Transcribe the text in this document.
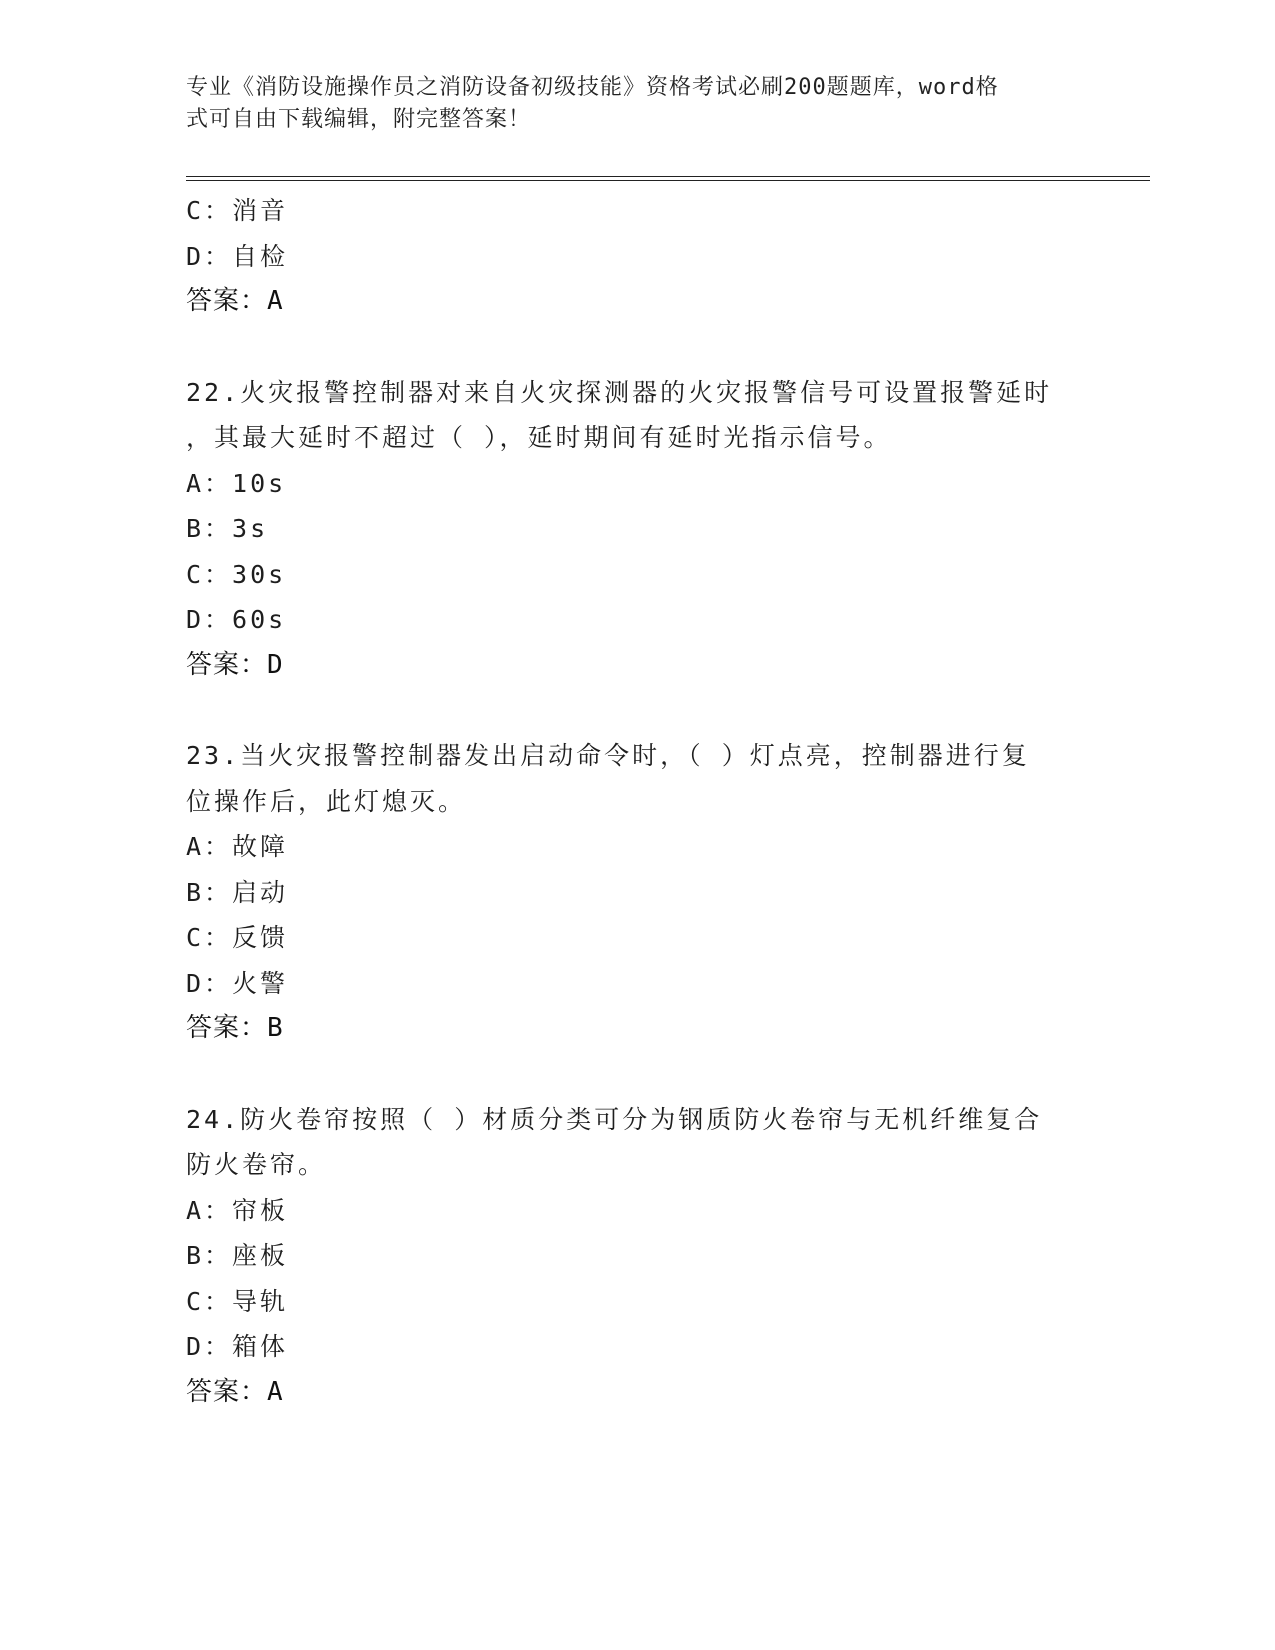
专业《消防设施操作员之消防设备初级技能》资格考试必刷200题题库，word格
式可自由下载编辑，附完整答案！
C：消音
D：自检
答案：A
22.火灾报警控制器对来自火灾探测器的火灾报警信号可设置报警延时
，其最大延时不超过（ ），延时期间有延时光指示信号。
A：10s
B：3s
C：30s
D：60s
答案：D
23.当火灾报警控制器发出启动命令时，（ ）灯点亮，控制器进行复
位操作后，此灯熄灭。
A：故障
B：启动
C：反馈
D：火警
答案：B
24.防火卷帘按照（ ）材质分类可分为钢质防火卷帘与无机纤维复合
防火卷帘。
A：帘板
B：座板
C：导轨
D：箱体
答案：A
